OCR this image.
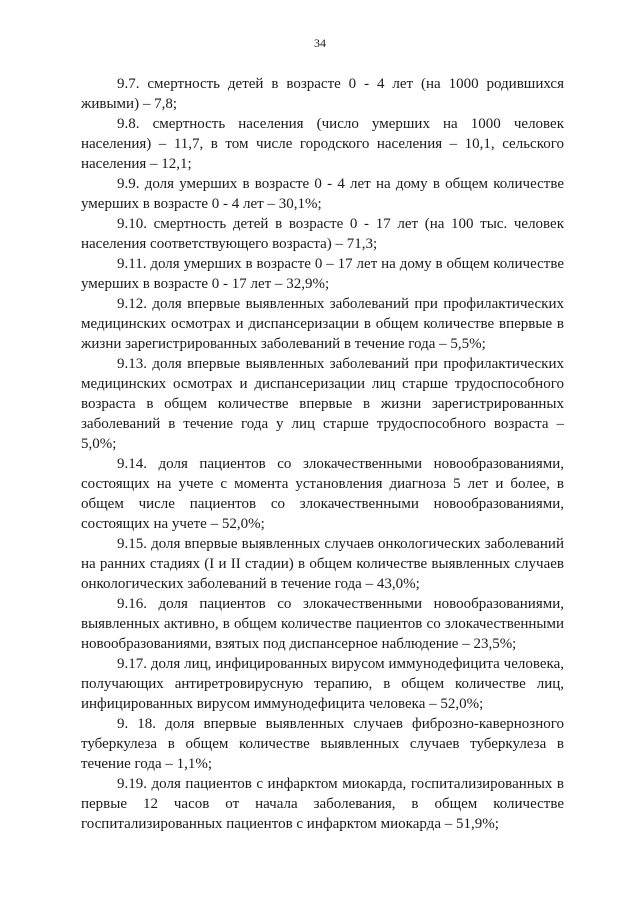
34

9.7. смертность детей в возрасте 0 - 4 лет (на 1000 родившихся живыми) – 7,8;

9.8. смертность населения (число умерших на 1000 человек населения) – 11,7, в том числе городского населения – 10,1, сельского населения – 12,1;

9.9. доля умерших в возрасте 0 - 4 лет на дому в общем количестве умерших в возрасте 0 - 4 лет – 30,1%;

9.10. смертность детей в возрасте 0 - 17 лет (на 100 тыс. человек населения соответствующего возраста) – 71,3;

9.11. доля умерших в возрасте 0 – 17 лет на дому в общем количестве умерших в возрасте 0 - 17 лет – 32,9%;

9.12. доля впервые выявленных заболеваний при профилактических медицинских осмотрах и диспансеризации в общем количестве впервые в жизни зарегистрированных заболеваний в течение года – 5,5%;

9.13. доля впервые выявленных заболеваний при профилактических медицинских осмотрах и диспансеризации лиц старше трудоспособного возраста в общем количестве впервые в жизни зарегистрированных заболеваний в течение года у лиц старше трудоспособного возраста – 5,0%;

9.14. доля пациентов со злокачественными новообразованиями, состоящих на учете с момента установления диагноза 5 лет и более, в общем числе пациентов со злокачественными новообразованиями, состоящих на учете – 52,0%;

9.15. доля впервые выявленных случаев онкологических заболеваний на ранних стадиях (I и II стадии) в общем количестве выявленных случаев онкологических заболеваний в течение года – 43,0%;

9.16. доля пациентов со злокачественными новообразованиями, выявленных активно, в общем количестве пациентов со злокачественными новообразованиями, взятых под диспансерное наблюдение – 23,5%;

9.17. доля лиц, инфицированных вирусом иммунодефицита человека, получающих антиретровирусную терапию, в общем количестве лиц, инфицированных вирусом иммунодефицита человека – 52,0%;

9. 18. доля впервые выявленных случаев фиброзно-кавернозного туберкулеза в общем количестве выявленных случаев туберкулеза в течение года – 1,1%;

9.19. доля пациентов с инфарктом миокарда, госпитализированных в первые 12 часов от начала заболевания, в общем количестве госпитализированных пациентов с инфарктом миокарда – 51,9%;
